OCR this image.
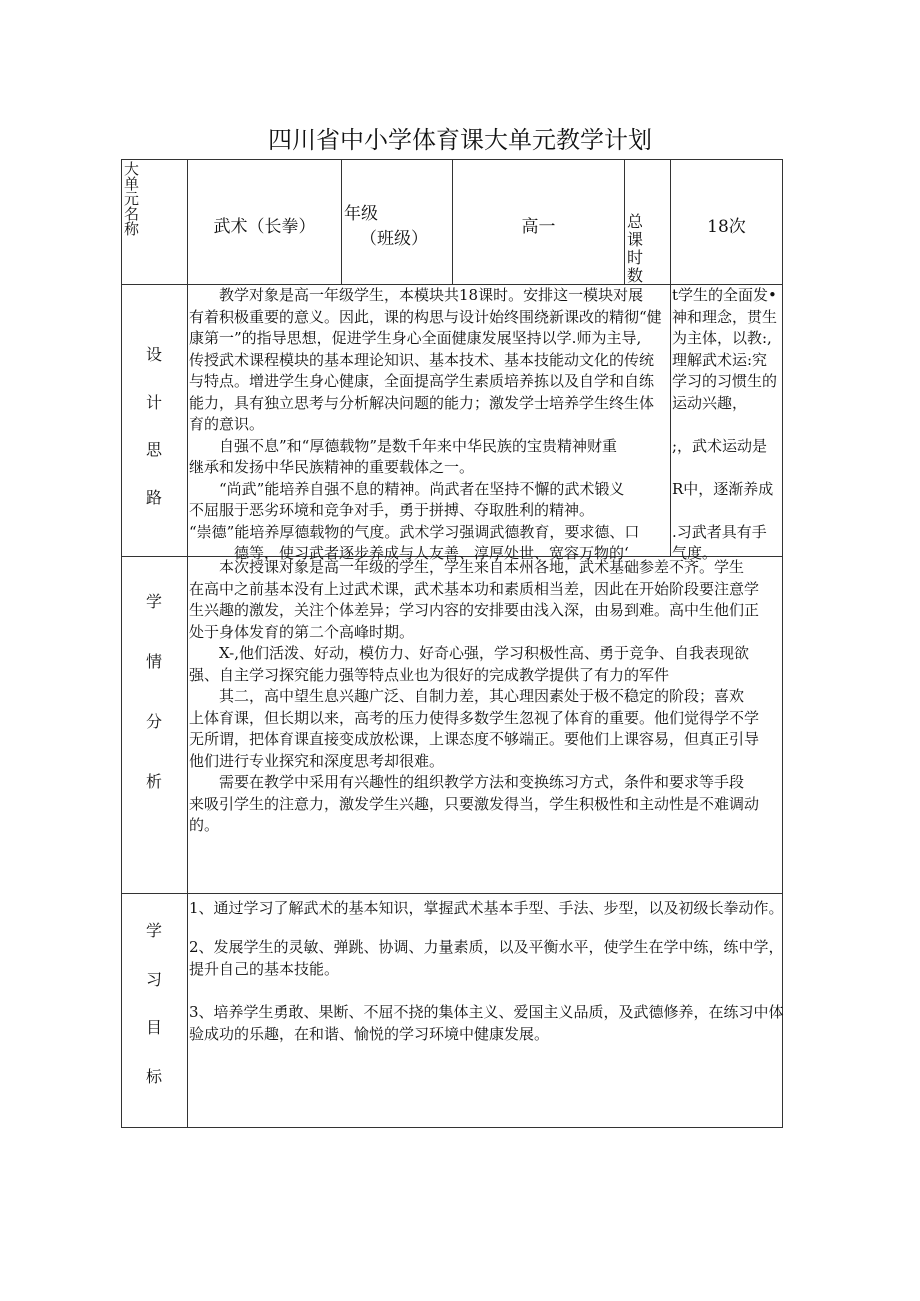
四川省中小学体育课大单元教学计划
大
单
元
名
称	武术（长拳）
年级
（班级）
高一	总
课
时
数
18次
设
计
思
路
　　教学对象是高一年级学生，本模块共18课时。安排这一模块对展
有着积极重要的意义。因此，课的构思与设计始终围绕新课改的精彻“健
康第一”的指导思想，促进学生身心全面健康发展坚持以学.师为主导,
传授武术课程模块的基本理论知识、基本技术、基本技能动文化的传统
与特点。增进学生身心健康，全面提高学生素质培养拣以及自学和自练
能力，具有独立思考与分析解决问题的能力；激发学士培养学生终生体
育的意识。
　　自强不息”和“厚德载物”是数千年来中华民族的宝贵精神财重
继承和发扬中华民族精神的重要载体之一。
　　“尚武”能培养自强不息的精神。尚武者在坚持不懈的武术锻义
不屈服于恶劣环境和竞争对手，勇于拼搏、夺取胜利的精神。
“崇德”能培养厚德载物的气度。武术学习强调武德教育，要求德、口
　　　德等，使习武者逐步养成与人友善、淳厚处世、宽容万物的‘
t学生的全面发•
神和理念，贯生
为主体，以教:,
理解武术运:究
学习的习惯生的
运动兴趣，
;，武术运动是
R中，逐渐养成
.习武者具有手
气度。
学
情
分
析
　　本次授课对象是高一年级的学生，学生来自本州各地，武术基础参差不齐。学生
在高中之前基本没有上过武术课，武术基本功和素质相当差，因此在开始阶段要注意学
生兴趣的激发，关注个体差异；学习内容的安排要由浅入深，由易到难。高中生他们正
处于身体发育的第二个高峰时期。
　　X-,他们活泼、好动，模仿力、好奇心强，学习积极性高、勇于竞争、自我表现欲
强、自主学习探究能力强等特点业也为很好的完成教学提供了有力的军件
　　其二，高中望生息兴趣广泛、自制力差，其心理因素处于极不稳定的阶段；喜欢
上体育课，但长期以来，高考的压力使得多数学生忽视了体育的重要。他们觉得学不学
无所谓，把体育课直接变成放松课，上课态度不够端正。要他们上课容易，但真正引导
他们进行专业探究和深度思考却很难。
　　需要在教学中采用有兴趣性的组织教学方法和变换练习方式，条件和要求等手段
来吸引学生的注意力，激发学生兴趣，只要激发得当，学生积极性和主动性是不难调动
的。
学
习
目
标
1、通过学习了解武术的基本知识，掌握武术基本手型、手法、步型，以及初级长拳动作。
2、发展学生的灵敏、弹跳、协调、力量素质，以及平衡水平，使学生在学中练，练中学，提升自己的基本技能。
3、培养学生勇敢、果断、不屈不挠的集体主义、爱国主义品质，及武德修养，在练习中体验成功的乐趣，在和谐、愉悦的学习环境中健康发展。
